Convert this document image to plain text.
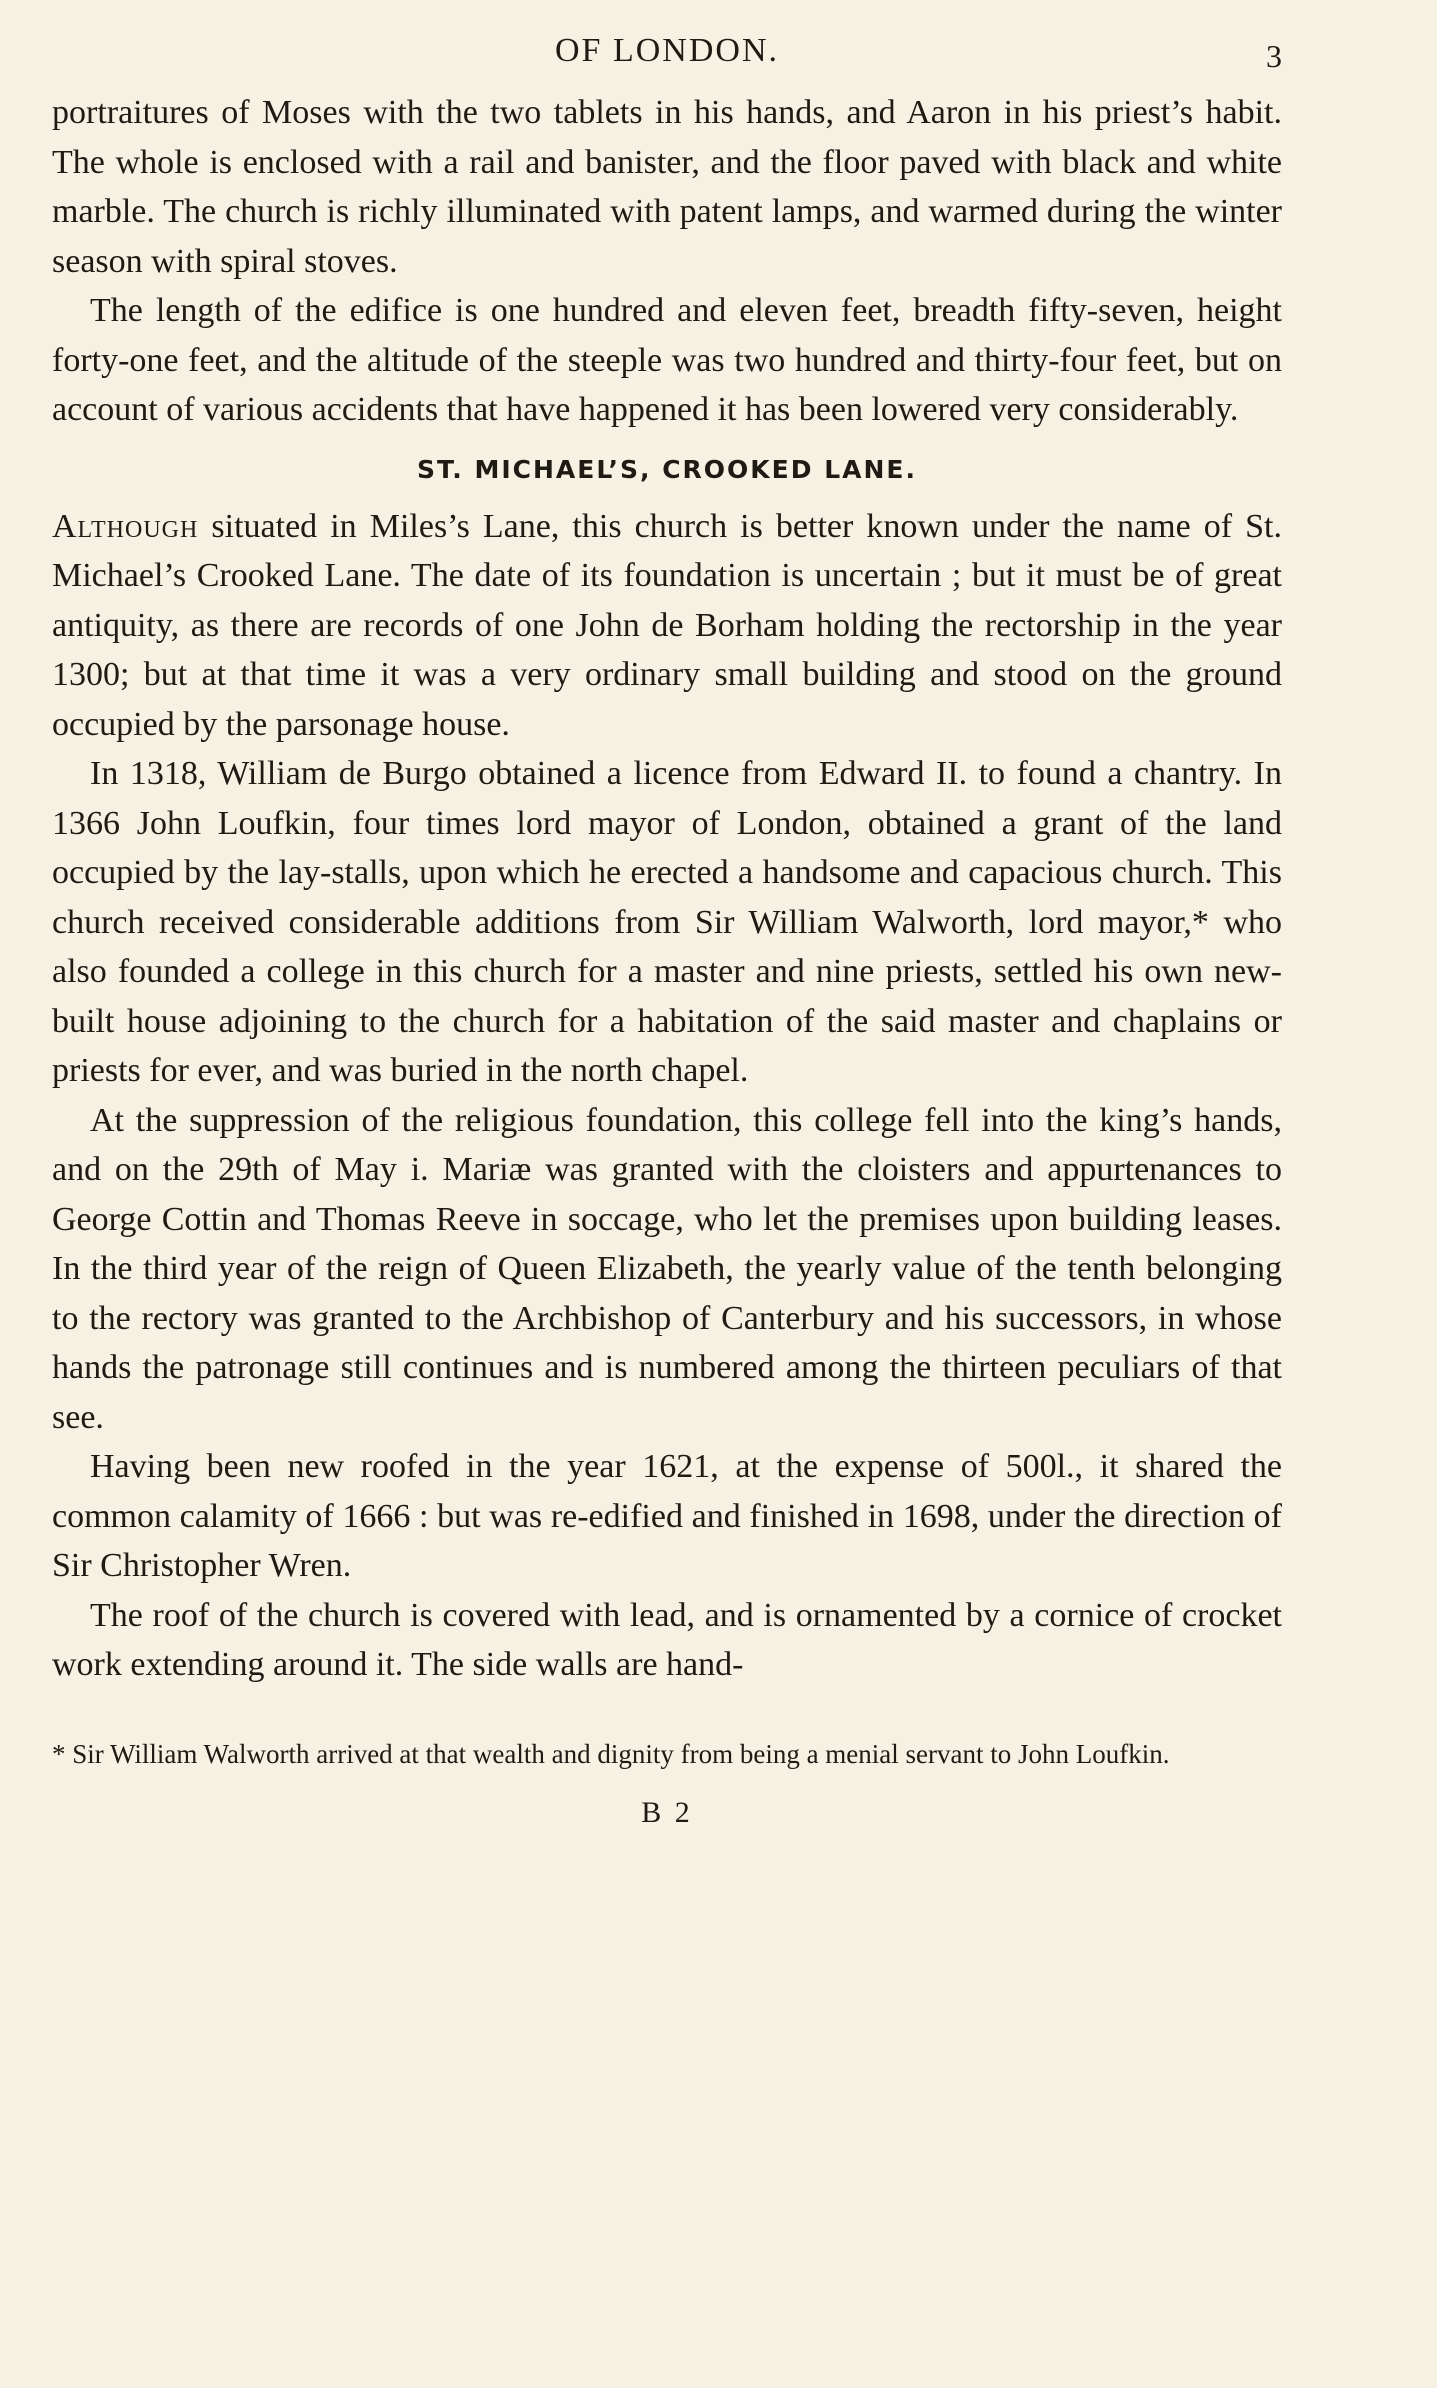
OF LONDON.	3

portraitures of Moses with the two tablets in his hands, and Aaron in his priest’s habit. The whole is enclosed with a rail and banister, and the floor paved with black and white marble. The church is richly illuminated with patent lamps, and warmed during the winter season with spiral stoves.

The length of the edifice is one hundred and eleven feet, breadth fifty-seven, height forty-one feet, and the altitude of the steeple was two hundred and thirty-four feet, but on account of various accidents that have happened it has been lowered very considerably.

ST. MICHAEL’S, CROOKED LANE.

Although situated in Miles’s Lane, this church is better known under the name of St. Michael’s Crooked Lane. The date of its foundation is uncertain ; but it must be of great antiquity, as there are records of one John de Borham holding the rectorship in the year 1300; but at that time it was a very ordinary small building and stood on the ground occupied by the parsonage house.

In 1318, William de Burgo obtained a licence from Edward II. to found a chantry. In 1366 John Loufkin, four times lord mayor of London, obtained a grant of the land occupied by the lay-stalls, upon which he erected a handsome and capacious church. This church received considerable additions from Sir William Walworth, lord mayor,* who also founded a college in this church for a master and nine priests, settled his own new-built house adjoining to the church for a habitation of the said master and chaplains or priests for ever, and was buried in the north chapel.

At the suppression of the religious foundation, this college fell into the king’s hands, and on the 29th of May i. Mariæ was granted with the cloisters and appurtenances to George Cottin and Thomas Reeve in soccage, who let the premises upon building leases. In the third year of the reign of Queen Elizabeth, the yearly value of the tenth belonging to the rectory was granted to the Archbishop of Canterbury and his successors, in whose hands the patronage still continues and is numbered among the thirteen peculiars of that see.

Having been new roofed in the year 1621, at the expense of 500l., it shared the common calamity of 1666 : but was re-edified and finished in 1698, under the direction of Sir Christopher Wren.

The roof of the church is covered with lead, and is ornamented by a cornice of crocket work extending around it. The side walls are hand-

* Sir William Walworth arrived at that wealth and dignity from being a menial servant to John Loufkin.
B 2
